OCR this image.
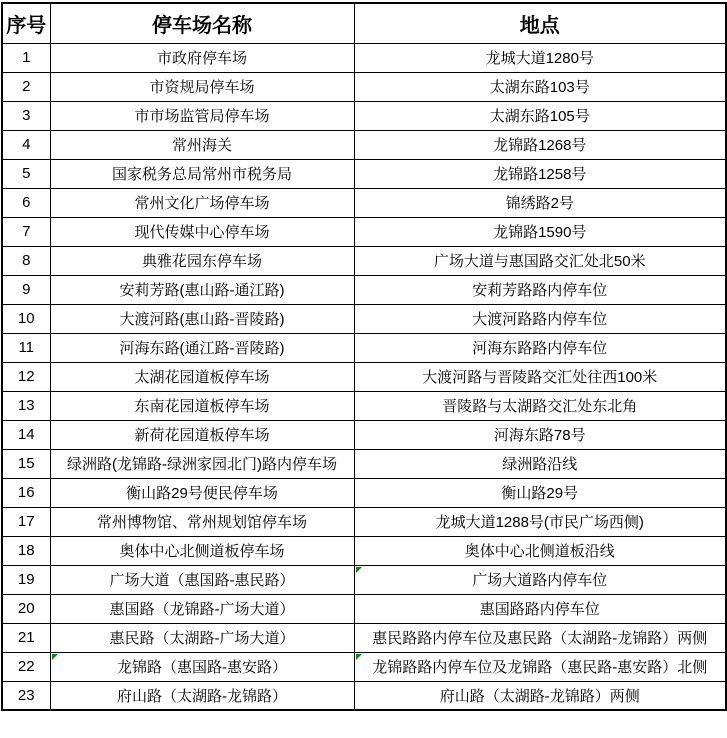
序号	停车场名称	地点
1	市政府停车场	龙城大道1280号
2	市资规局停车场	太湖东路103号
3	市市场监管局停车场	太湖东路105号
4	常州海关	龙锦路1268号
5	国家税务总局常州市税务局	龙锦路1258号
6	常州文化广场停车场	锦绣路2号
7	现代传媒中心停车场	龙锦路1590号
8	典雅花园东停车场	广场大道与惠国路交汇处北50米
9	安莉芳路(惠山路-通江路)	安莉芳路路内停车位
10	大渡河路(惠山路-晋陵路)	大渡河路路内停车位
11	河海东路(通江路-晋陵路)	河海东路路内停车位
12	太湖花园道板停车场	大渡河路与晋陵路交汇处往西100米
13	东南花园道板停车场	晋陵路与太湖路交汇处东北角
14	新荷花园道板停车场	河海东路78号
15	绿洲路(龙锦路-绿洲家园北门)路内停车场	绿洲路沿线
16	衡山路29号便民停车场	衡山路29号
17	常州博物馆、常州规划馆停车场	龙城大道1288号(市民广场西侧)
18	奥体中心北侧道板停车场	奥体中心北侧道板沿线
19	广场大道（惠国路-惠民路）	广场大道路内停车位

20	惠国路（龙锦路-广场大道）	惠国路路内停车位
21	惠民路（太湖路-广场大道）	惠民路路内停车位及惠民路（太湖路-龙锦路）两侧
22	龙锦路（惠国路-惠安路）	龙锦路路内停车位及龙锦路（惠民路-惠安路）北侧

23	府山路（太湖路-龙锦路）	府山路（太湖路-龙锦路）两侧
